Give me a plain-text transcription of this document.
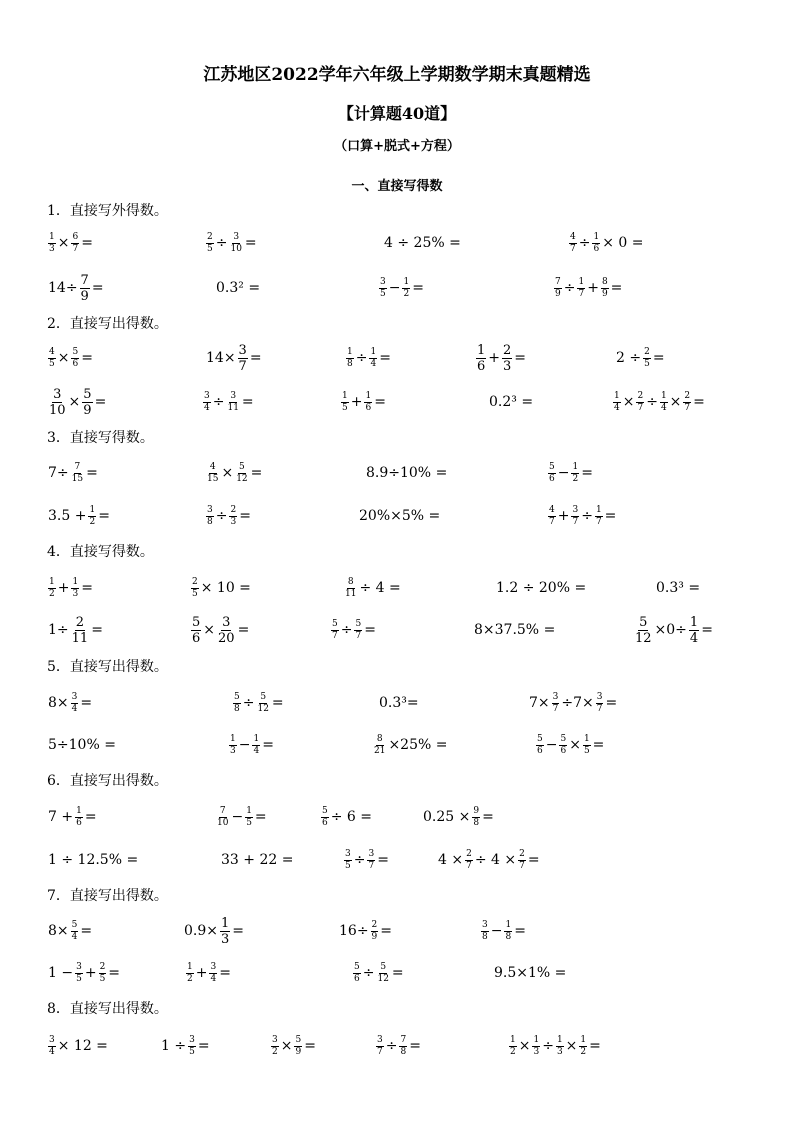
江苏地区2022学年六年级上学期数学期末真题精选
【计算题40道】
（口算+脱式+方程）
一、直接写得数
1．直接写外得数。
$\frac{1}{3} \times \frac{6}{7}$ =	$\frac{2}{5} \div \frac{3}{10}$ =	4 ÷ 25% =	$\frac{4}{7} \div \frac{1}{6} \times 0$ =
$14\div \frac{7}{9}$ =	0.3² =	$\frac{3}{5} - \frac{1}{2}$ =	$\frac{7}{9} \div \frac{1}{7} + \frac{8}{9}$ =
2．直接写出得数。
$\frac{4}{5} \times \frac{5}{6}$ =	$14\times \frac{3}{7}$ =	$\frac{1}{8} \div \frac{1}{4}$ =	$\frac{1}{6} + \frac{2}{3}$ =	$2 \div \frac{2}{5}$ =
$\frac{3}{10} \times \frac{5}{9}$ =	$\frac{3}{4} \div \frac{3}{11}$ =	$\frac{1}{5} + \frac{1}{6}$ =	0.2³ =	$\frac{1}{4} \times \frac{2}{7} \div \frac{1}{4} \times \frac{2}{7}$ =
3．直接写得数。
$7\div \frac{7}{15}$ =	$\frac{4}{15} \times \frac{5}{12}$ =	8.9÷10% =	$\frac{5}{6} - \frac{1}{2}$ =
$3.5 + \frac{1}{2}$ =	$\frac{3}{8} \div \frac{2}{3}$ =	20%×5% =	$\frac{4}{7} + \frac{3}{7} \div \frac{1}{7}$ =
4．直接写得数。
$\frac{1}{2} + \frac{1}{3}$ =	$\frac{2}{5} \times 10$ =	$\frac{8}{11} \div 4$ =	1.2 ÷ 20% =	0.3³ =
$1\div \frac{2}{11}$ =	$\frac{5}{6} \times \frac{3}{20}$ =	$\frac{5}{7} \div \frac{5}{7}$ =	8×37.5% =	$\frac{5}{12} \times 0\div \frac{1}{4}$ =
5．直接写出得数。
$8\times \frac{3}{4}$ =	$\frac{5}{8} \div \frac{5}{12}$ =	0.3³=	$7\times \frac{3}{7} \div 7\times \frac{3}{7}$ =
5÷10% =	$\frac{1}{3} - \frac{1}{4}$ =	$\frac{8}{21} \times 25\%$ =	$\frac{5}{6} - \frac{5}{6} \times \frac{1}{5}$ =
6．直接写出得数。
$7 + \frac{1}{6}$ =	$\frac{7}{10} - \frac{1}{5}$ =	$\frac{5}{6} \div 6$ =	$0.25 \times \frac{9}{8}$ =
1 ÷ 12.5% =	33 + 22 =	$\frac{3}{5} \div \frac{3}{7}$ =	$4 \times \frac{2}{7} \div 4 \times \frac{2}{7}$ =
7．直接写出得数。
$8\times \frac{5}{4}$ =	$0.9\times \frac{1}{3}$ =	$16\div \frac{2}{9}$ =	$\frac{3}{8} - \frac{1}{8}$ =
$1 - \frac{3}{5} + \frac{2}{5}$ =	$\frac{1}{2} + \frac{3}{4}$ =	$\frac{5}{6} \div \frac{5}{12}$ =	9.5×1% =
8．直接写出得数。
$\frac{3}{4} \times 12$ =	$1 \div \frac{3}{5}$ =	$\frac{3}{2} \times \frac{5}{9}$ =	$\frac{3}{7} \div \frac{7}{8}$ =	$\frac{1}{2} \times \frac{1}{3} \div \frac{1}{3} \times \frac{1}{2}$ =
